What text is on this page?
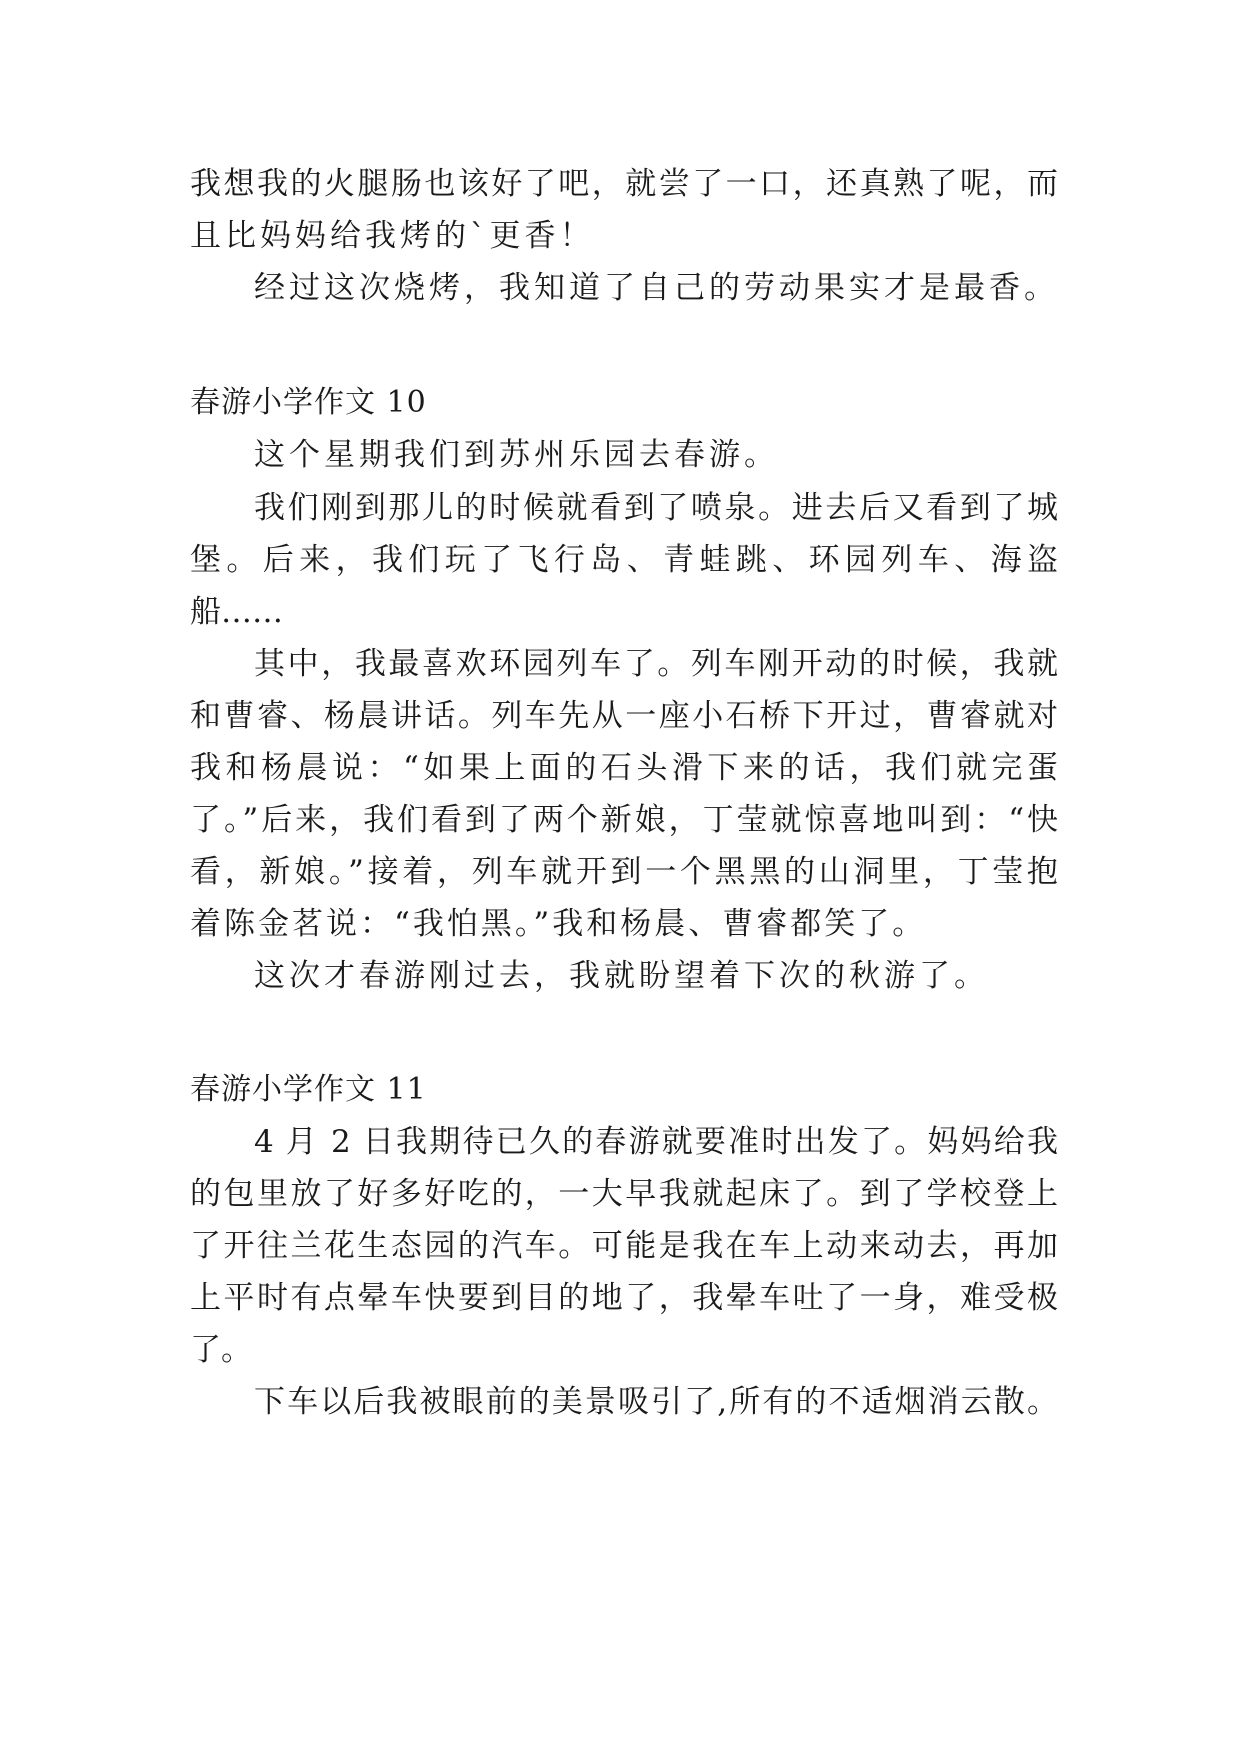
我想我的火腿肠也该好了吧，就尝了一口，还真熟了呢，而
且比妈妈给我烤的`更香！
经过这次烧烤，我知道了自己的劳动果实才是最香。
春游小学作文 10
这个星期我们到苏州乐园去春游。
我们刚到那儿的时候就看到了喷泉。进去后又看到了城
堡。后来，我们玩了飞行岛、青蛙跳、环园列车、海盗
船……
其中，我最喜欢环园列车了。列车刚开动的时候，我就
和曹睿、杨晨讲话。列车先从一座小石桥下开过，曹睿就对
我和杨晨说：“如果上面的石头滑下来的话，我们就完蛋
了。”后来，我们看到了两个新娘，丁莹就惊喜地叫到：“快
看，新娘。”接着，列车就开到一个黑黑的山洞里，丁莹抱
着陈金茗说：“我怕黑。”我和杨晨、曹睿都笑了。
这次才春游刚过去，我就盼望着下次的秋游了。
春游小学作文 11
4 月 2 日我期待已久的春游就要准时出发了。妈妈给我
的包里放了好多好吃的，一大早我就起床了。到了学校登上
了开往兰花生态园的汽车。可能是我在车上动来动去，再加
上平时有点晕车快要到目的地了，我晕车吐了一身，难受极
了。
下车以后我被眼前的美景吸引了,所有的不适烟消云散。
